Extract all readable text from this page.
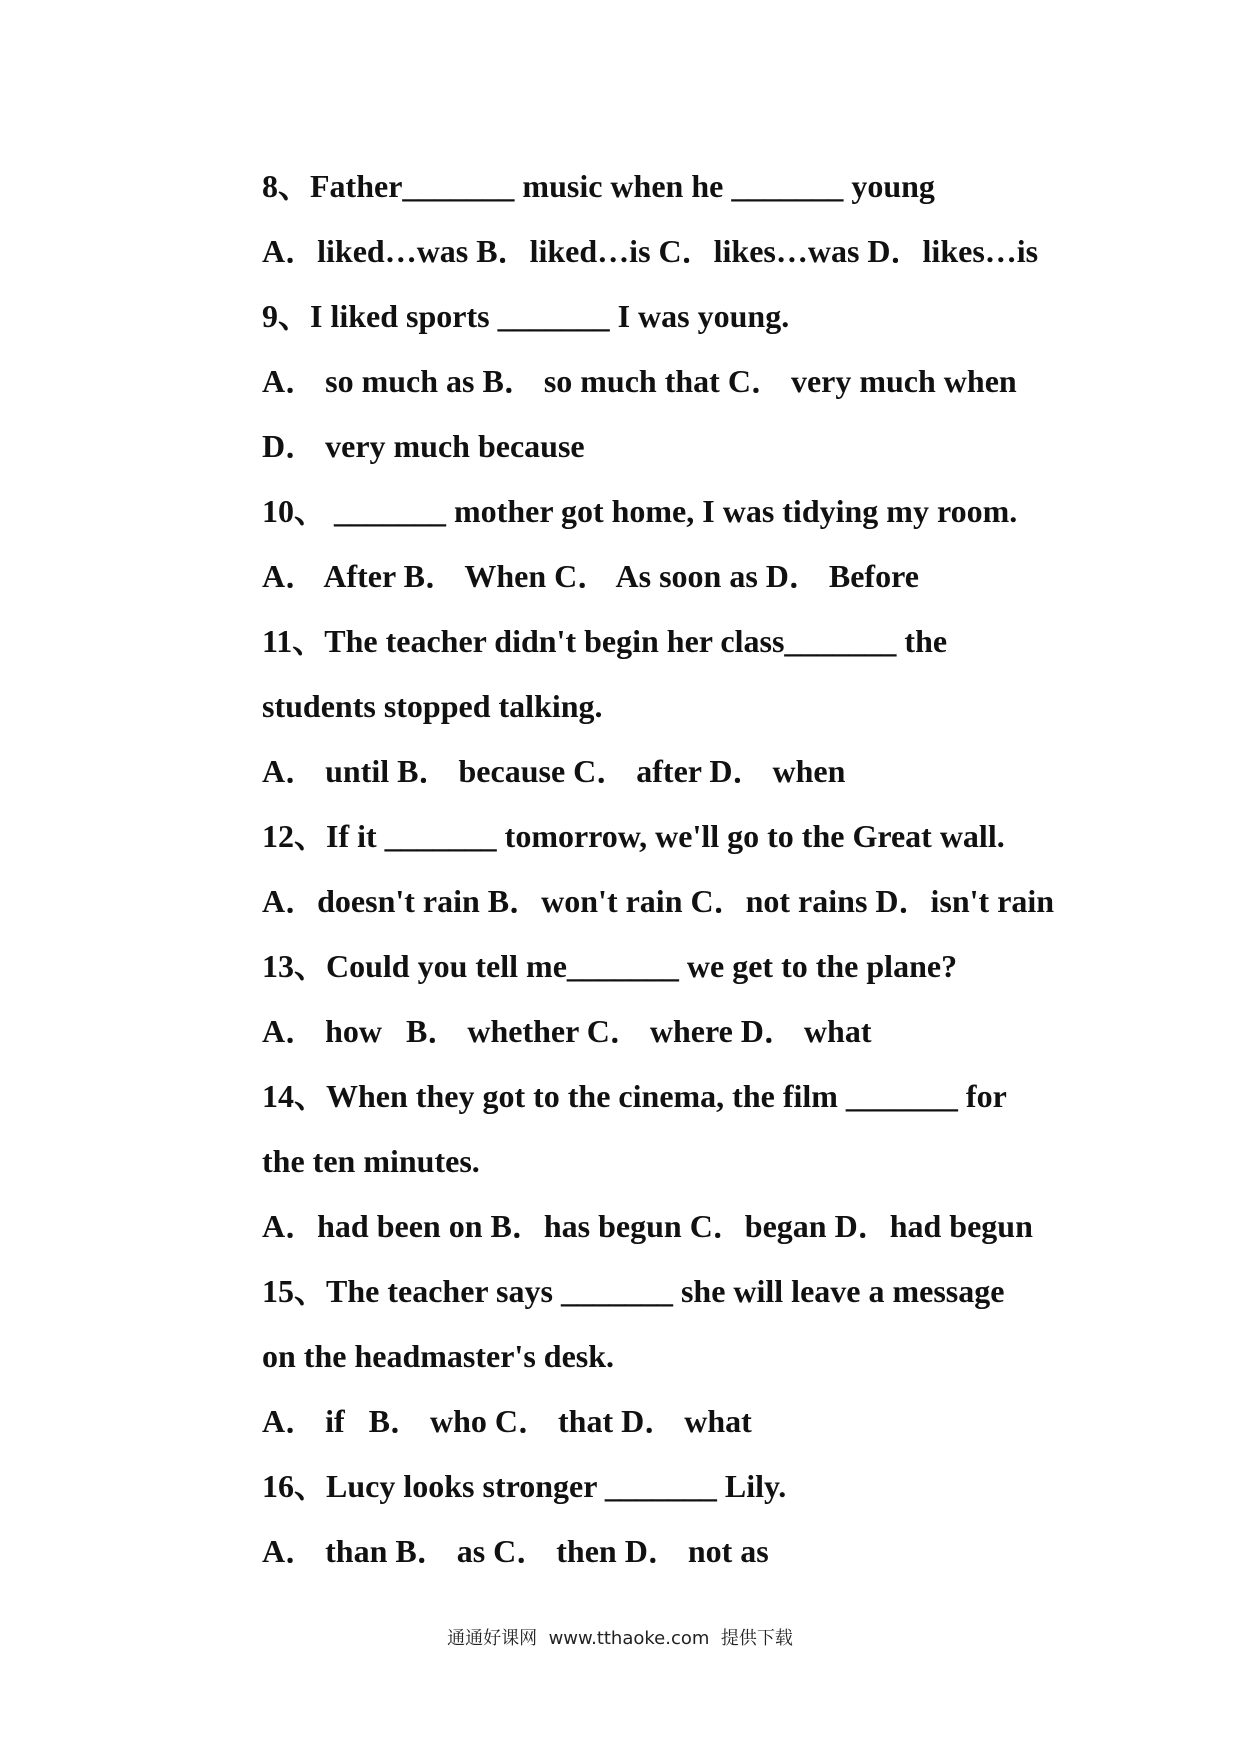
8、Father_______ music when he _______ young
A．liked…was B．liked…is C．likes…was D．likes…is
9、I liked sports _______ I was young.
A． so much as B． so much that C． very much when
D． very much because
10、 _______ mother got home, I was tidying my room.
A． After B． When C． As soon as D． Before
11、The teacher didn't begin her class_______ the
students stopped talking.
A． until B． because C． after D． when
12、If it _______ tomorrow, we'll go to the Great wall.
A．doesn't rain B．won't rain C．not rains D．isn't rain
13、Could you tell me_______ we get to the plane?
A． how   B． whether C． where D． what
14、When they got to the cinema, the film _______ for
the ten minutes.
A．had been on B．has begun C．began D．had begun
15、The teacher says _______ she will leave a message
on the headmaster's desk.
A． if   B． who C． that D． what
16、Lucy looks stronger _______ Lily.
A． than B． as C． then D． not as
通通好课网  www.tthaoke.com  提供下载
